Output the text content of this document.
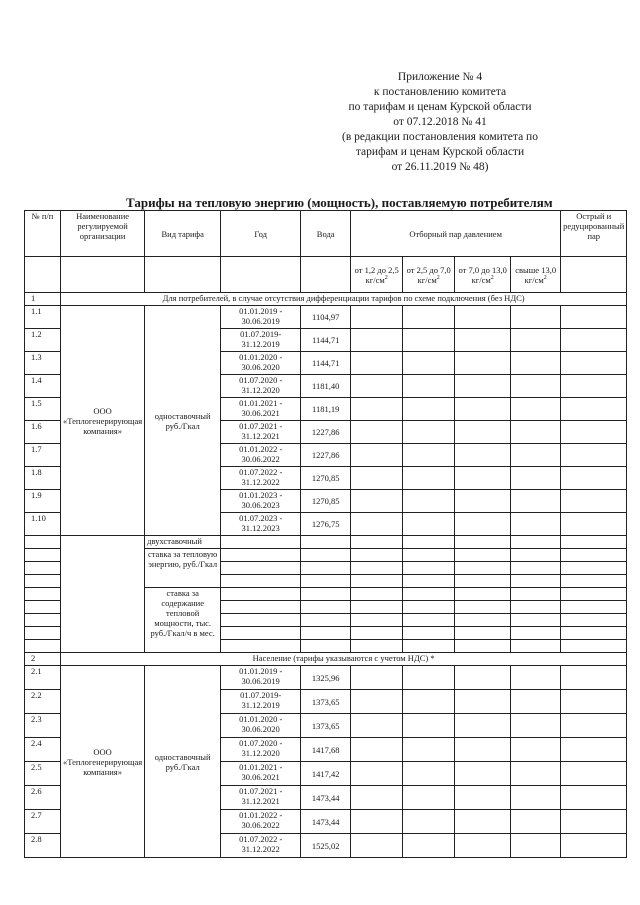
Приложение № 4
к постановлению комитета
по тарифам и ценам Курской области
от 07.12.2018 № 41
(в редакции постановления комитета по
тарифам и ценам Курской области
от 26.11.2019 № 48)
Тарифы на тепловую энергию (мощность), поставляемую потребителям
№ п/п	Наименование регулируемой организации	Вид тарифа	Год	Вода	Отборный пар давлением				Острый и редуцированный пар
					от 1,2 до 2,5 $кг/см^2$	от 2,5 до 7,0 $кг/см^2$	от 7,0 до 13,0 $кг/см^2$	свыше 13,0 $кг/см^2$	
1	Для потребителей, в случае отсутствия дифференциации тарифов по схеме подключения (без НДС)								
1.1	ООО «Теплогенерирующая компания»	одноставочный руб./Гкал	01.01.2019 - 30.06.2019	1104,97					
1.2			01.07.2019- 31.12.2019	1144,71					
1.3			01.01.2020 - 30.06.2020	1144,71					
1.4			01.07.2020 - 31.12.2020	1181,40					
1.5			01.01.2021 - 30.06.2021	1181,19					
1.6			01.07.2021 - 31.12.2021	1227,86					
1.7			01.01.2022 - 30.06.2022	1227,86					
1.8			01.07.2022 - 31.12.2022	1270,85					
1.9			01.01.2023 - 30.06.2023	1270,85					
1.10			01.07.2023 - 31.12.2023	1276,75					
		двухставочный							
		ставка за тепловую энергию, руб./Гкал							

		ставка за содержание тепловой мощности, тыс. руб./Гкал/ч в мес.							

2	Население (тарифы указываются с учетом НДС) *								
2.1	ООО «Теплогенерирующая компания»	одноставочный руб./Гкал	01.01.2019 - 30.06.2019	1325,96					
2.2			01.07.2019- 31.12.2019	1373,65					
2.3			01.01.2020 - 30.06.2020	1373,65					
2.4			01.07.2020 - 31.12.2020	1417,68					
2.5			01.01.2021 - 30.06.2021	1417,42					
2.6			01.07.2021 - 31.12.2021	1473,44					
2.7			01.01.2022 - 30.06.2022	1473,44					
2.8			01.07.2022 - 31.12.2022	1525,02					
